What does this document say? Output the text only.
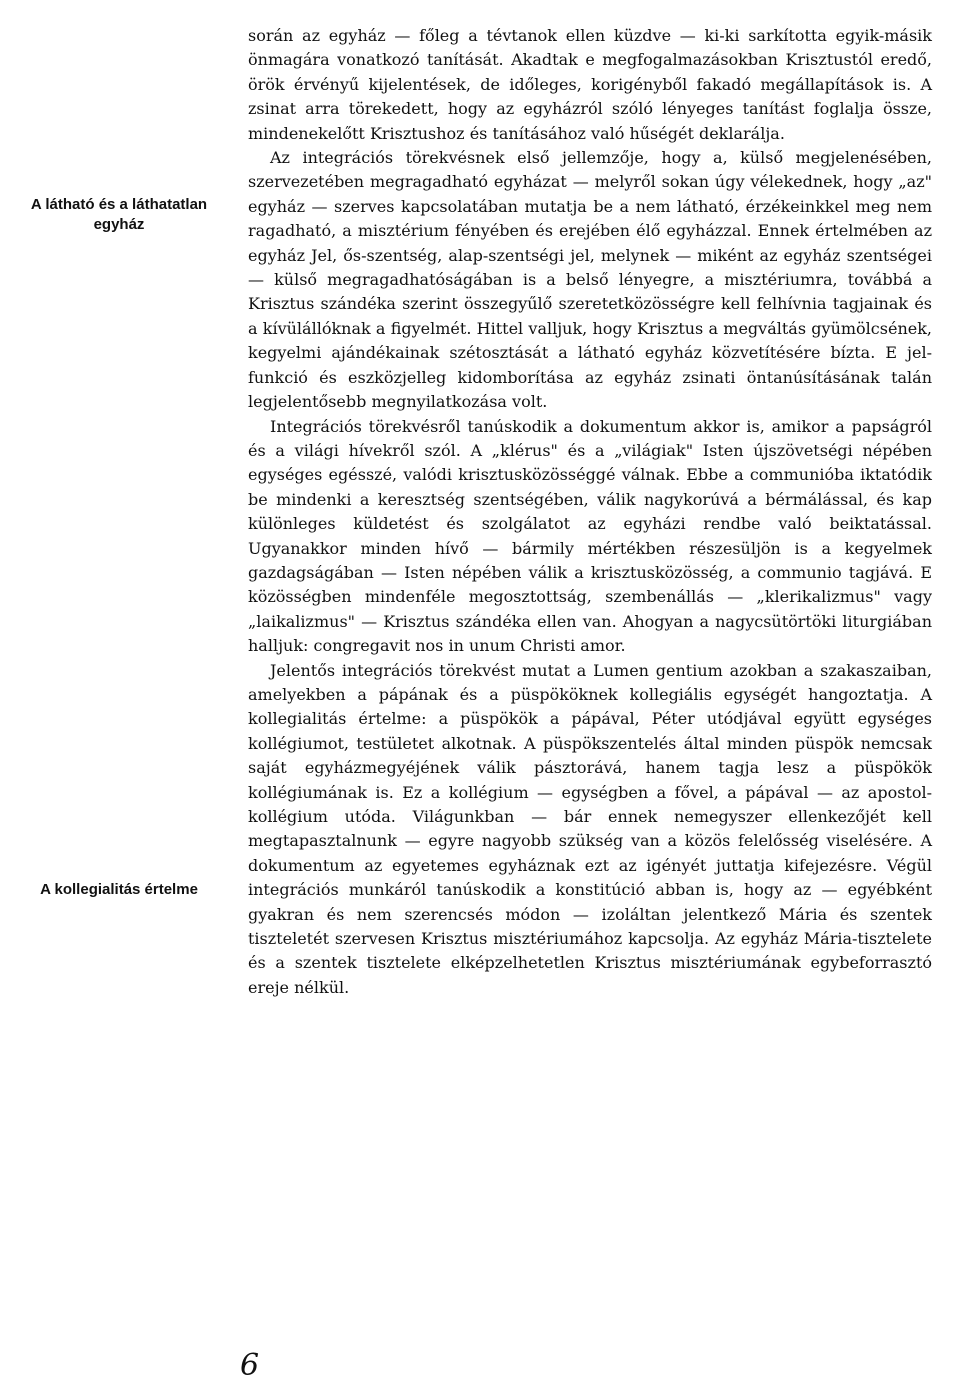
A látható és a láthatatlan egyház
A kollegialitás értelme

során az egyház — főleg a tévtanok ellen küzdve — ki-ki sarkította egyik-másik önmagára vonatkozó tanítását. Akadtak e megfogalmazásokban Krisztustól eredő, örök érvényű kijelentések, de időleges, korigényből fakadó megállapítások is. A zsinat arra törekedett, hogy az egyházról szóló lényeges tanítást foglalja össze, mindenekelőtt Krisztushoz és tanításához való hűségét deklarálja.

Az integrációs törekvésnek első jellemzője, hogy a, külső megjelenésében, szervezetében megragadható egyházat — melyről sokan úgy vélekednek, hogy „az" egyház — szerves kapcsolatában mutatja be a nem látható, érzékeinkkel meg nem ragadható, a misztérium fényében és erejében élő egyházzal. Ennek értelmében az egyház Jel, ős-szentség, alap-szentségi jel, melynek — miként az egyház szentségei — külső megragadhatóságában is a belső lényegre, a misztériumra, továbbá a Krisztus szándéka szerint összegyűlő szeretetközösségre kell felhívnia tagjainak és a kívülállóknak a figyelmét. Hittel valljuk, hogy Krisztus a megváltás gyümölcsének, kegyelmi ajándékainak szétosztását a látható egyház közvetítésére bízta. E jel-funkció és eszközjelleg kidomborítása az egyház zsinati öntanúsításának talán legjelentősebb megnyilatkozása volt.

Integrációs törekvésről tanúskodik a dokumentum akkor is, amikor a papságról és a világi hívekről szól. A „klérus" és a „világiak" Isten újszövetségi népében egységes egésszé, valódi krisztusközösséggé válnak. Ebbe a communióba iktatódik be mindenki a keresztség szentségében, válik nagykorúvá a bérmálással, és kap különleges küldetést és szolgálatot az egyházi rendbe való beiktatással. Ugyanakkor minden hívő — bármily mértékben részesüljön is a kegyelmek gazdagságában — Isten népében válik a krisztusközösség, a communio tagjává. E közösségben mindenféle megosztottság, szembenállás — „klerikalizmus" vagy „laikalizmus" — Krisztus szándéka ellen van. Ahogyan a nagycsütörtöki liturgiában halljuk: congregavit nos in unum Christi amor.

Jelentős integrációs törekvést mutat a Lumen gentium azokban a szakaszaiban, amelyekben a pápának és a püspököknek kollegiális egységét hangoztatja. A kollegialitás értelme: a püspökök a pápával, Péter utódjával együtt egységes kollégiumot, testületet alkotnak. A püspökszentelés által minden püspök nemcsak saját egyházmegyéjének válik pásztorává, hanem tagja lesz a püspökök kollégiumának is. Ez a kollégium — egységben a fővel, a pápával — az apostol-kollégium utóda. Világunkban — bár ennek nemegyszer ellenkezőjét kell megtapasztalnunk — egyre nagyobb szükség van a közös felelősség viselésére. A dokumentum az egyetemes egyháznak ezt az igényét juttatja kifejezésre. Végül integrációs munkáról tanúskodik a konstitúció abban is, hogy az — egyébként gyakran és nem szerencsés módon — izoláltan jelentkező Mária és szentek tiszteletét szervesen Krisztus misztériumához kapcsolja. Az egyház Mária-tisztelete és a szentek tisztelete elképzelhetetlen Krisztus misztériumának egybeforrasztó ereje nélkül.

6
